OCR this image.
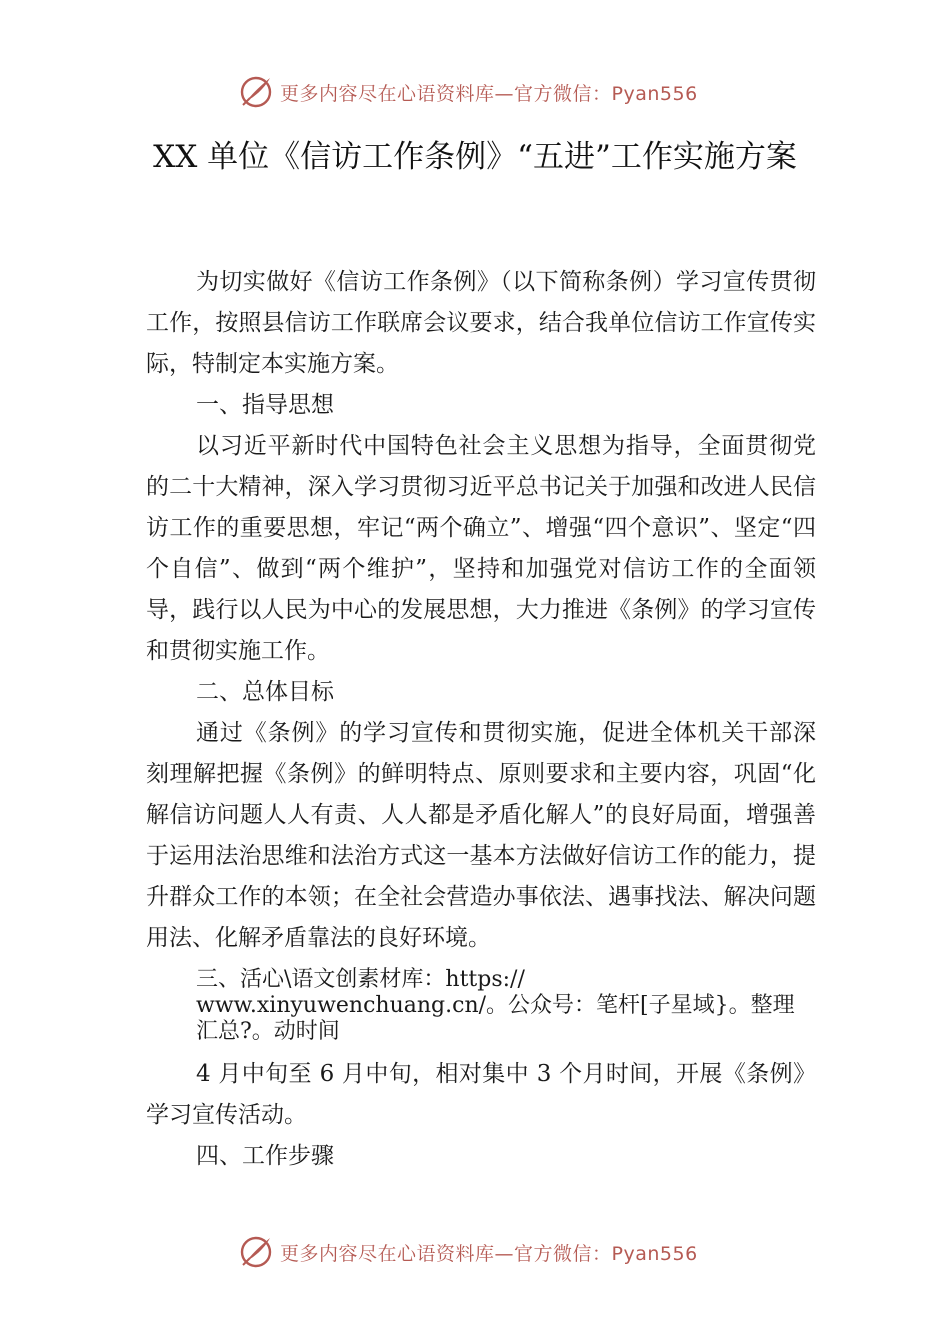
更多内容尽在心语资料库—官方微信：Pyan556
XX 单位《信访工作条例》“五进”工作实施方案

为切实做好《信访工作条例》（以下简称条例）学习宣传贯彻工作，按照县信访工作联席会议要求，结合我单位信访工作宣传实际，特制定本实施方案。

一、指导思想

以习近平新时代中国特色社会主义思想为指导，全面贯彻党的二十大精神，深入学习贯彻习近平总书记关于加强和改进人民信访工作的重要思想，牢记“两个确立”、增强“四个意识”、坚定“四个自信”、做到“两个维护”，坚持和加强党对信访工作的全面领导，践行以人民为中心的发展思想，大力推进《条例》的学习宣传和贯彻实施工作。

二、总体目标

通过《条例》的学习宣传和贯彻实施，促进全体机关干部深刻理解把握《条例》的鲜明特点、原则要求和主要内容，巩固“化解信访问题人人有责、人人都是矛盾化解人”的良好局面，增强善于运用法治思维和法治方式这一基本方法做好信访工作的能力，提升群众工作的本领；在全社会营造办事依法、遇事找法、解决问题用法、化解矛盾靠法的良好环境。

三、活心\语文创素材库：https://
www.xinyuwenchuang.cn/。公众号：笔杆[子星域}。整理
汇总?。动时间

4 月中旬至 6 月中旬，相对集中 3 个月时间，开展《条例》学习宣传活动。

四、工作步骤

更多内容尽在心语资料库—官方微信：Pyan556
